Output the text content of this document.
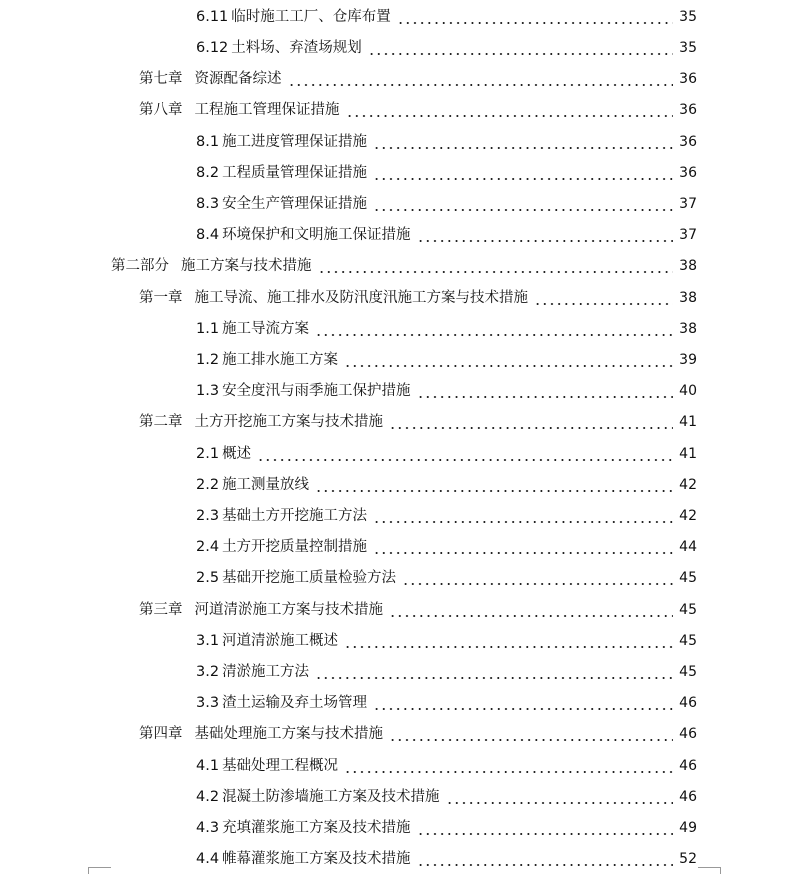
6.11 临时施工工厂、仓库布置	35
6.12 土料场、弃渣场规划	35
第七章 资源配备综述	36
第八章 工程施工管理保证措施	36
8.1 施工进度管理保证措施	36
8.2 工程质量管理保证措施	36
8.3 安全生产管理保证措施	37
8.4 环境保护和文明施工保证措施	37
第二部分 施工方案与技术措施	38
第一章 施工导流、施工排水及防汛度汛施工方案与技术措施	38
1.1 施工导流方案	38
1.2 施工排水施工方案	39
1.3 安全度汛与雨季施工保护措施	40
第二章 土方开挖施工方案与技术措施	41
2.1 概述	41
2.2 施工测量放线	42
2.3 基础土方开挖施工方法	42
2.4 土方开挖质量控制措施	44
2.5 基础开挖施工质量检验方法	45
第三章 河道清淤施工方案与技术措施	45
3.1 河道清淤施工概述	45
3.2 清淤施工方法	45
3.3 渣土运输及弃土场管理	46
第四章 基础处理施工方案与技术措施	46
4.1 基础处理工程概况	46
4.2 混凝土防渗墙施工方案及技术措施	46
4.3 充填灌浆施工方案及技术措施	49
4.4 帷幕灌浆施工方案及技术措施	52
